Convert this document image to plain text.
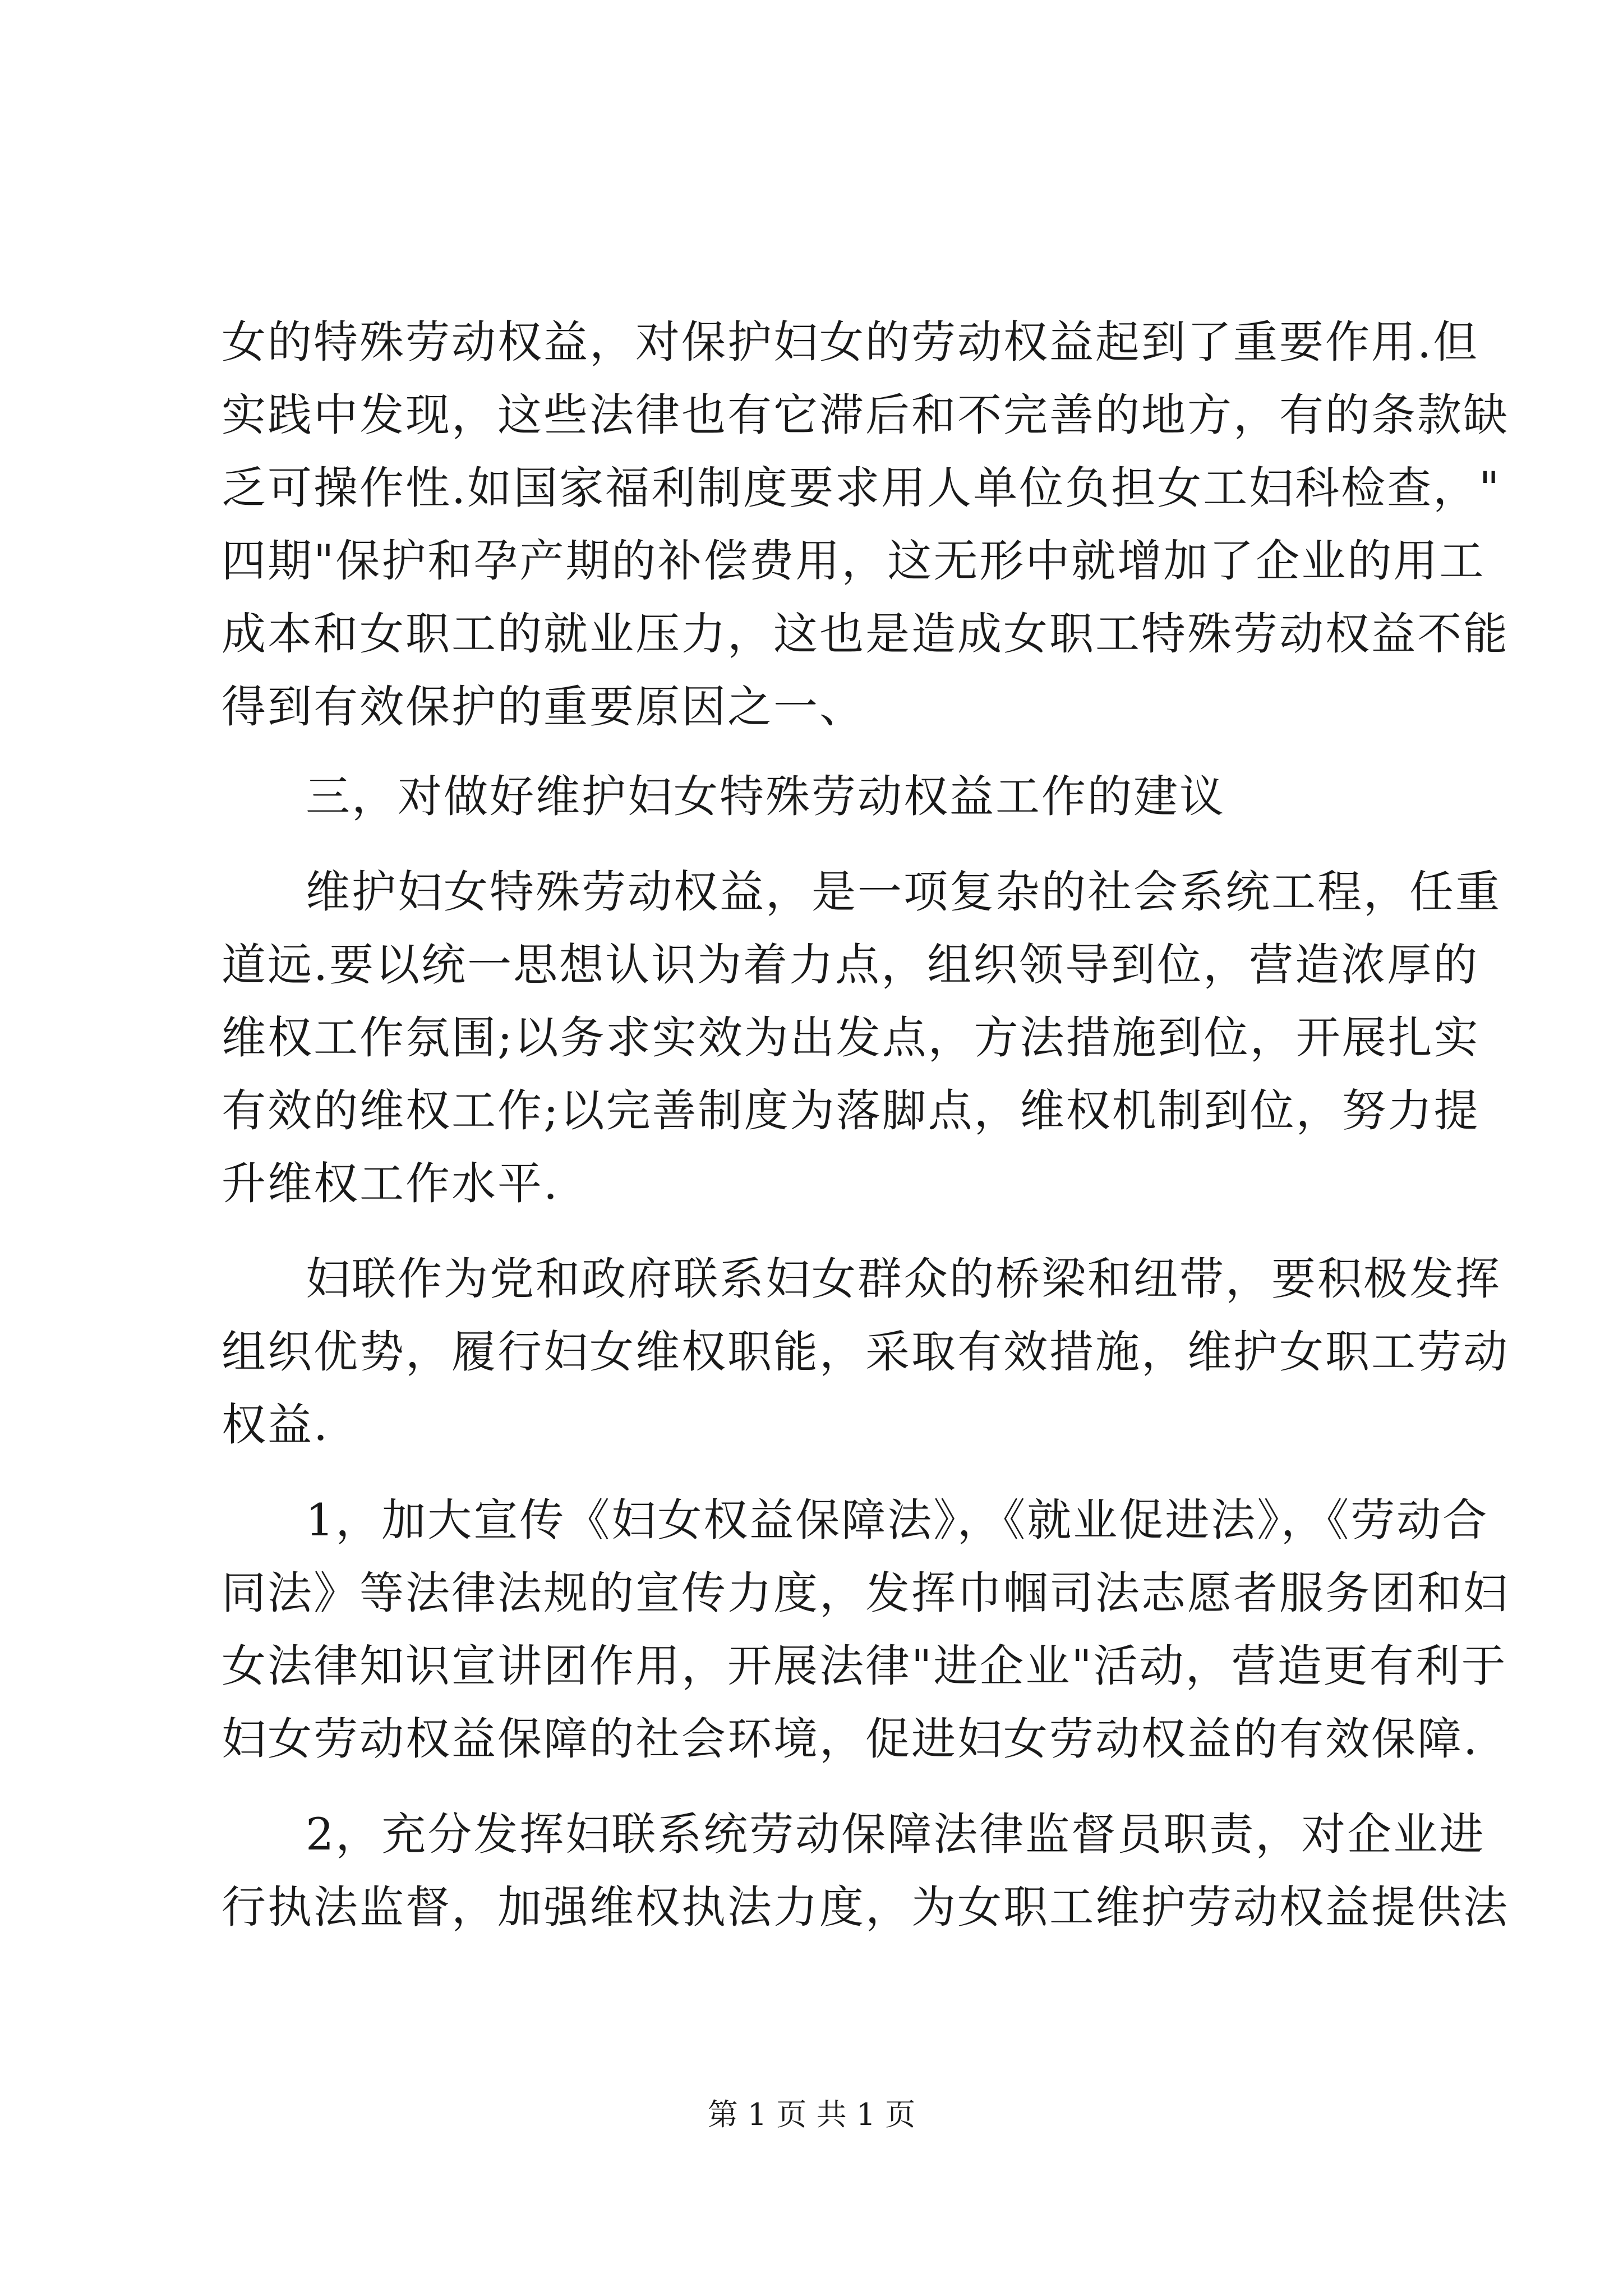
女的特殊劳动权益，对保护妇女的劳动权益起到了重要作用.但
实践中发现，这些法律也有它滞后和不完善的地方，有的条款缺
乏可操作性.如国家福利制度要求用人单位负担女工妇科检查，"
四期"保护和孕产期的补偿费用，这无形中就增加了企业的用工
成本和女职工的就业压力，这也是造成女职工特殊劳动权益不能
得到有效保护的重要原因之一、
三，对做好维护妇女特殊劳动权益工作的建议
维护妇女特殊劳动权益，是一项复杂的社会系统工程，任重
道远.要以统一思想认识为着力点，组织领导到位，营造浓厚的
维权工作氛围;以务求实效为出发点，方法措施到位，开展扎实
有效的维权工作;以完善制度为落脚点，维权机制到位，努力提
升维权工作水平.
妇联作为党和政府联系妇女群众的桥梁和纽带，要积极发挥
组织优势，履行妇女维权职能，采取有效措施，维护女职工劳动
权益.
1，加大宣传《妇女权益保障法》，《就业促进法》，《劳动合
同法》等法律法规的宣传力度，发挥巾帼司法志愿者服务团和妇
女法律知识宣讲团作用，开展法律"进企业"活动，营造更有利于
妇女劳动权益保障的社会环境，促进妇女劳动权益的有效保障.
2，充分发挥妇联系统劳动保障法律监督员职责，对企业进
行执法监督，加强维权执法力度，为女职工维护劳动权益提供法
第 1 页 共 1 页
